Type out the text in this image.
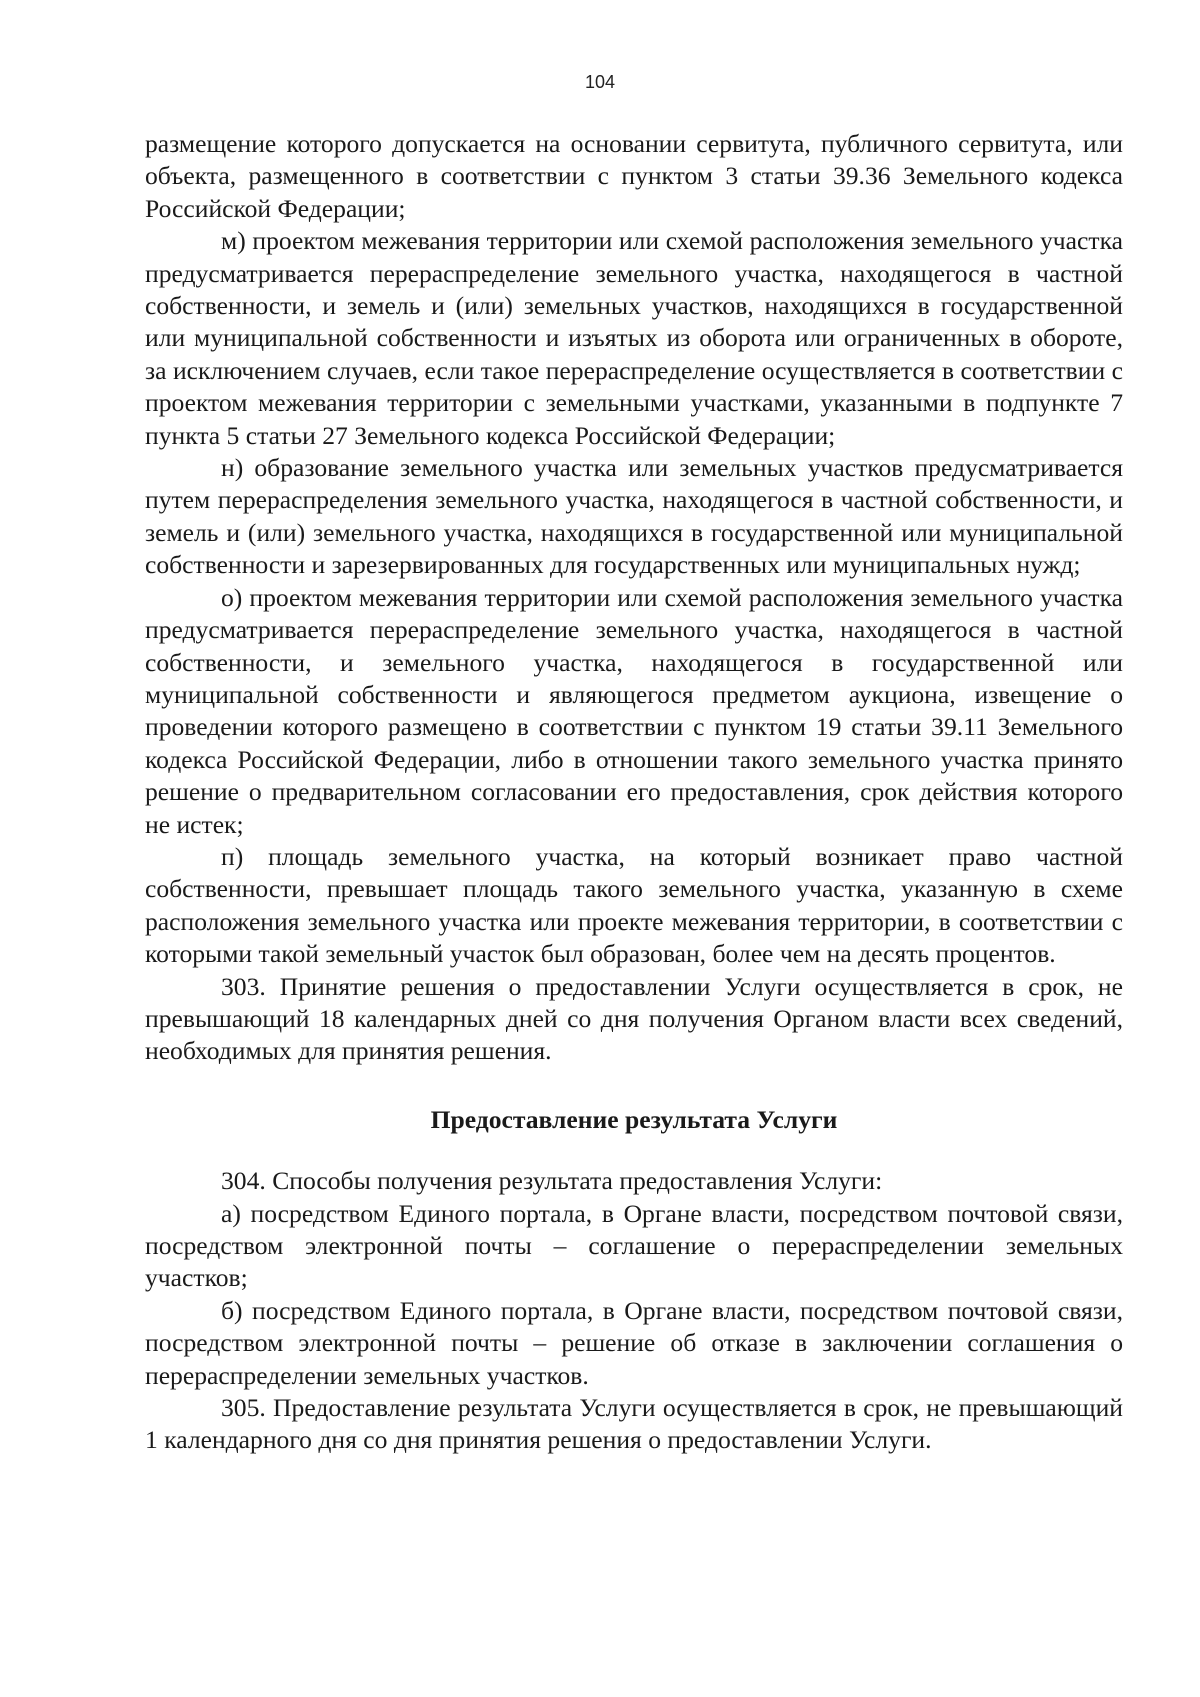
104

размещение которого допускается на основании сервитута, публичного сервитута, или объекта, размещенного в соответствии с пунктом 3 статьи 39.36 Земельного кодекса Российской Федерации;

м) проектом межевания территории или схемой расположения земельного участка предусматривается перераспределение земельного участка, находящегося в частной собственности, и земель и (или) земельных участков, находящихся в государственной или муниципальной собственности и изъятых из оборота или ограниченных в обороте, за исключением случаев, если такое перераспределение осуществляется в соответствии с проектом межевания территории с земельными участками, указанными в подпункте 7 пункта 5 статьи 27 Земельного кодекса Российской Федерации;

н) образование земельного участка или земельных участков предусматривается путем перераспределения земельного участка, находящегося в частной собственности, и земель и (или) земельного участка, находящихся в государственной или муниципальной собственности и зарезервированных для государственных или муниципальных нужд;

о) проектом межевания территории или схемой расположения земельного участка предусматривается перераспределение земельного участка, находящегося в частной собственности, и земельного участка, находящегося в государственной или муниципальной собственности и являющегося предметом аукциона, извещение о проведении которого размещено в соответствии с пунктом 19 статьи 39.11 Земельного кодекса Российской Федерации, либо в отношении такого земельного участка принято решение о предварительном согласовании его предоставления, срок действия которого не истек;

п) площадь земельного участка, на который возникает право частной собственности, превышает площадь такого земельного участка, указанную в схеме расположения земельного участка или проекте межевания территории, в соответствии с которыми такой земельный участок был образован, более чем на десять процентов.

303. Принятие решения о предоставлении Услуги осуществляется в срок, не превышающий 18 календарных дней со дня получения Органом власти всех сведений, необходимых для принятия решения.

Предоставление результата Услуги

304. Способы получения результата предоставления Услуги:

а) посредством Единого портала, в Органе власти, посредством почтовой связи, посредством электронной почты – соглашение о перераспределении земельных участков;

б) посредством Единого портала, в Органе власти, посредством почтовой связи, посредством электронной почты – решение об отказе в заключении соглашения о перераспределении земельных участков.

305. Предоставление результата Услуги осуществляется в срок, не превышающий 1 календарного дня со дня принятия решения о предоставлении Услуги.
